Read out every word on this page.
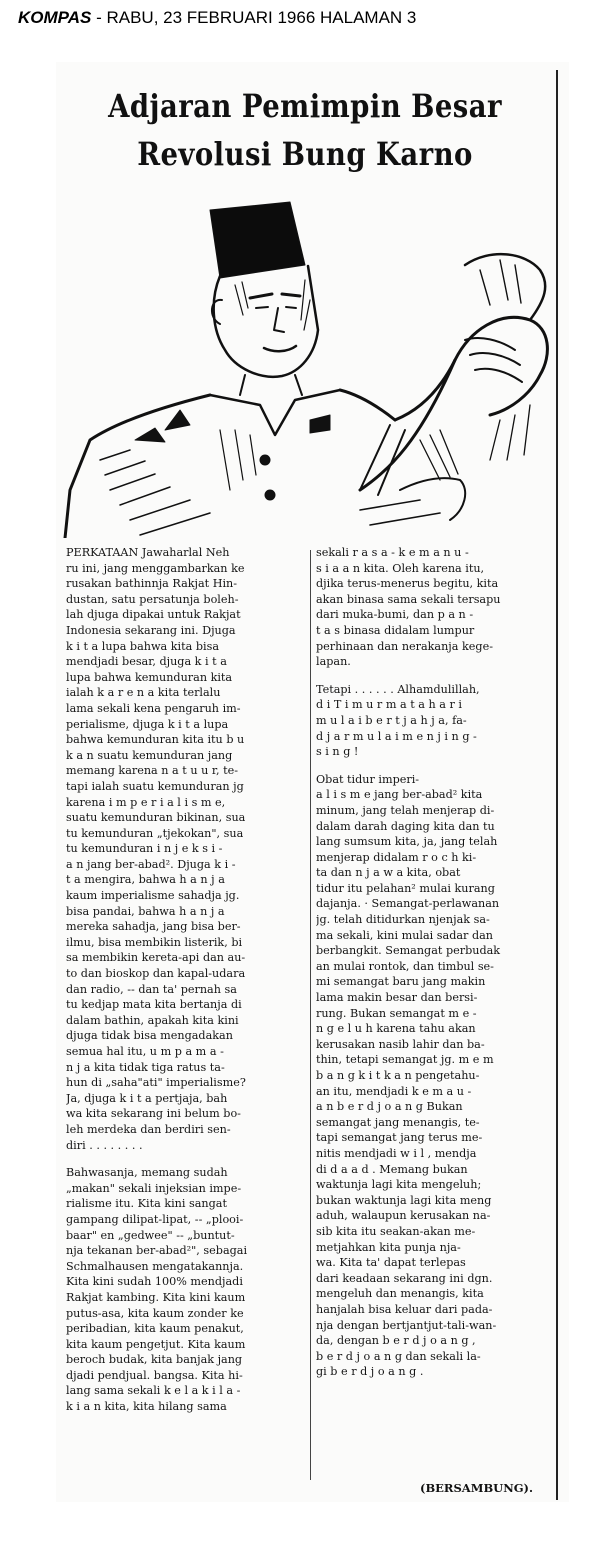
KOMPAS - RABU, 23 FEBRUARI 1966 HALAMAN 3
Adjaran Pemimpin Besar
Revolusi Bung Karno
PERKATAAN Jawaharlal Neh
ru ini, jang menggambarkan ke
rusakan bathinnja Rakjat Hin-
dustan, satu persatunja boleh-
lah djuga dipakai untuk Rakjat
Indonesia sekarang ini. Djuga
k i t a lupa bahwa kita bisa
mendjadi besar, djuga k i t a
lupa bahwa kemunduran kita
ialah k a r e n a kita terlalu
lama sekali kena pengaruh im-
perialisme, djuga k i t a lupa
bahwa kemunduran kita itu b u
k a n suatu kemunduran jang
memang karena n a t u u r, te-
tapi ialah suatu kemunduran jg
karena i m p e r i a l i s m e,
suatu kemunduran bikinan, sua
tu kemunduran „tjekokan", sua
tu kemunduran i n j e k s i -
a n jang ber-abad². Djuga k i -
t a mengira, bahwa h a n j a
kaum imperialisme sahadja jg.
bisa pandai, bahwa h a n j a
mereka sahadja, jang bisa ber-
ilmu, bisa membikin listerik, bi
sa membikin kereta-api dan au-
to dan bioskop dan kapal-udara
dan radio, -- dan ta' pernah sa
tu kedjap mata kita bertanja di
dalam bathin, apakah kita kini
djuga tidak bisa mengadakan
semua hal itu, u m p a m a -
n j a kita tidak tiga ratus ta-
hun di „saha"ati" imperialisme?
Ja, djuga k i t a pertjaja, bah
wa kita sekarang ini belum bo-
leh merdeka dan berdiri sen-
diri . . . . . . . .
Bahwasanja, memang sudah
„makan" sekali injeksian impe-
rialisme itu. Kita kini sangat
gampang dilipat-lipat, -- „plooi-
baar" en „gedwee" -- „buntut-
nja tekanan ber-abad²", sebagai
Schmalhausen mengatakannja.
Kita kini sudah 100% mendjadi
Rakjat kambing. Kita kini kaum
putus-asa, kita kaum zonder ke
peribadian, kita kaum penakut,
kita kaum pengetjut. Kita kaum
beroch budak, kita banjak jang
djadi pendjual. bangsa. Kita hi-
lang sama sekali k e l a k i l a -
k i a n kita, kita hilang sama
sekali r a s a - k e m a n u -
s i a a n kita. Oleh karena itu,
djika terus-menerus begitu, kita
akan binasa sama sekali tersapu
dari muka-bumi, dan p a n -
t a s binasa didalam lumpur
perhinaan dan nerakanja kege-
lapan.
Tetapi . . . . . . Alhamdulillah,
d i T i m u r m a t a h a r i
m u l a i b e r t j a h j a, fa-
d j a r m u l a i m e n j i n g -
s i n g !
Obat tidur imperi-
a l i s m e jang ber-abad² kita
minum, jang telah menjerap di-
dalam darah daging kita dan tu
lang sumsum kita, ja, jang telah
menjerap didalam r o c h ki-
ta dan n j a w a kita, obat
tidur itu pelahan² mulai kurang
dajanja. · Semangat-perlawanan
jg. telah ditidurkan njenjak sa-
ma sekali, kini mulai sadar dan
berbangkit. Semangat perbudak
an mulai rontok, dan timbul se-
mi semangat baru jang makin
lama makin besar dan bersi-
rung. Bukan semangat m e -
n g e l u h karena tahu akan
kerusakan nasib lahir dan ba-
thin, tetapi semangat jg. m e m
b a n g k i t k a n pengetahu-
an itu, mendjadi k e m a u -
a n b e r d j o a n g Bukan
semangat jang menangis, te-
tapi semangat jang terus me-
nitis mendjadi w i l , mendja
di d a a d . Memang bukan
waktunja lagi kita mengeluh;
bukan waktunja lagi kita meng
aduh, walaupun kerusakan na-
sib kita itu seakan-akan me-
metjahkan kita punja nja-
wa. Kita ta' dapat terlepas
dari keadaan sekarang ini dgn.
mengeluh dan menangis, kita
hanjalah bisa keluar dari pada-
nja dengan bertjantjut-tali-wan-
da, dengan b e r d j o a n g ,
b e r d j o a n g dan sekali la-
gi b e r d j o a n g .
(BERSAMBUNG).
